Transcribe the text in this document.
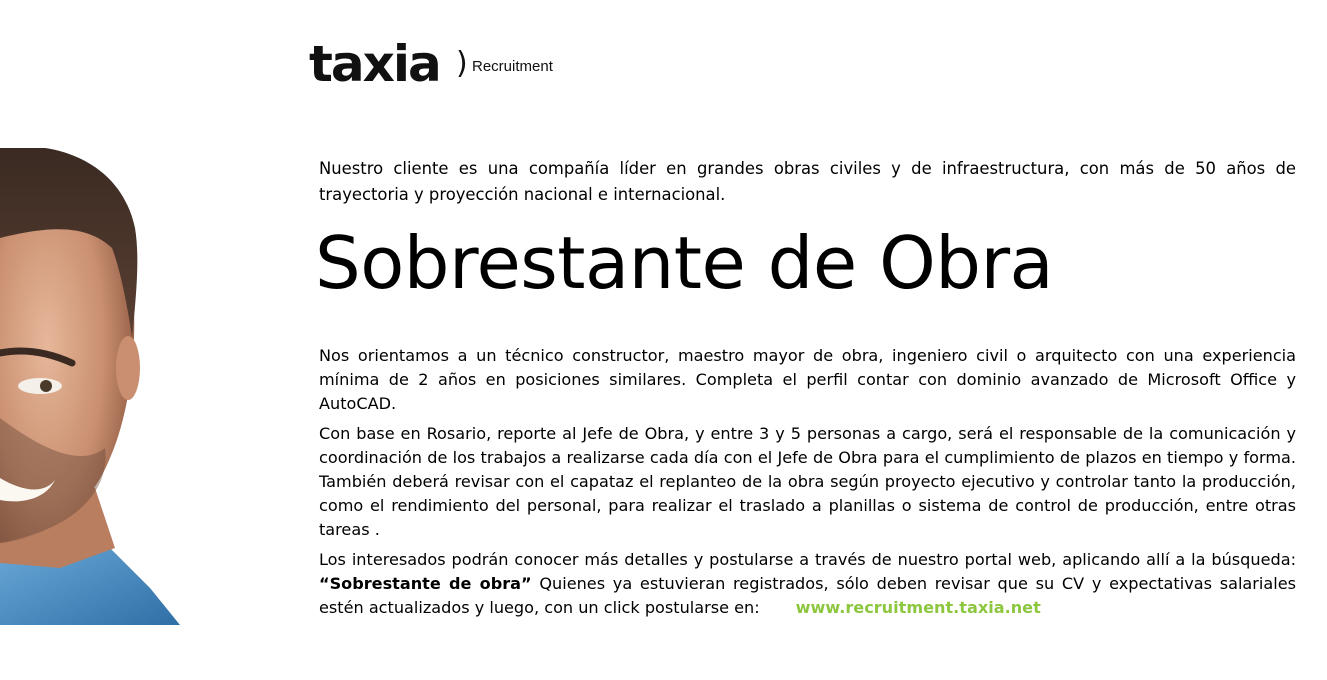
taxia ) Recruitment

Nuestro cliente es una compañía líder en grandes obras civiles y de infraestructura, con más de 50 años de trayectoria y proyección nacional e internacional.

Sobrestante de Obra

Nos orientamos a un técnico constructor, maestro mayor de obra, ingeniero civil o arquitecto con una experiencia mínima de 2 años en posiciones similares. Completa el perfil contar con dominio avanzado de Microsoft Office y AutoCAD.

Con base en Rosario, reporte al Jefe de Obra, y entre 3 y 5 personas a cargo, será el responsable de la comunicación y coordinación de los trabajos a realizarse cada día con el Jefe de Obra para el cumplimiento de plazos en tiempo y forma. También deberá revisar con el capataz el replanteo de la obra según proyecto ejecutivo y controlar tanto la producción, como el rendimiento del personal, para realizar el traslado a planillas o sistema de control de producción, entre otras tareas .

Los interesados podrán conocer más detalles y postularse a través de nuestro portal web, aplicando allí a la búsqueda: “Sobrestante de obra” Quienes ya estuvieran registrados, sólo deben revisar que su CV y expectativas salariales estén actualizados y luego, con un click postularse en: www.recruitment.taxia.net
